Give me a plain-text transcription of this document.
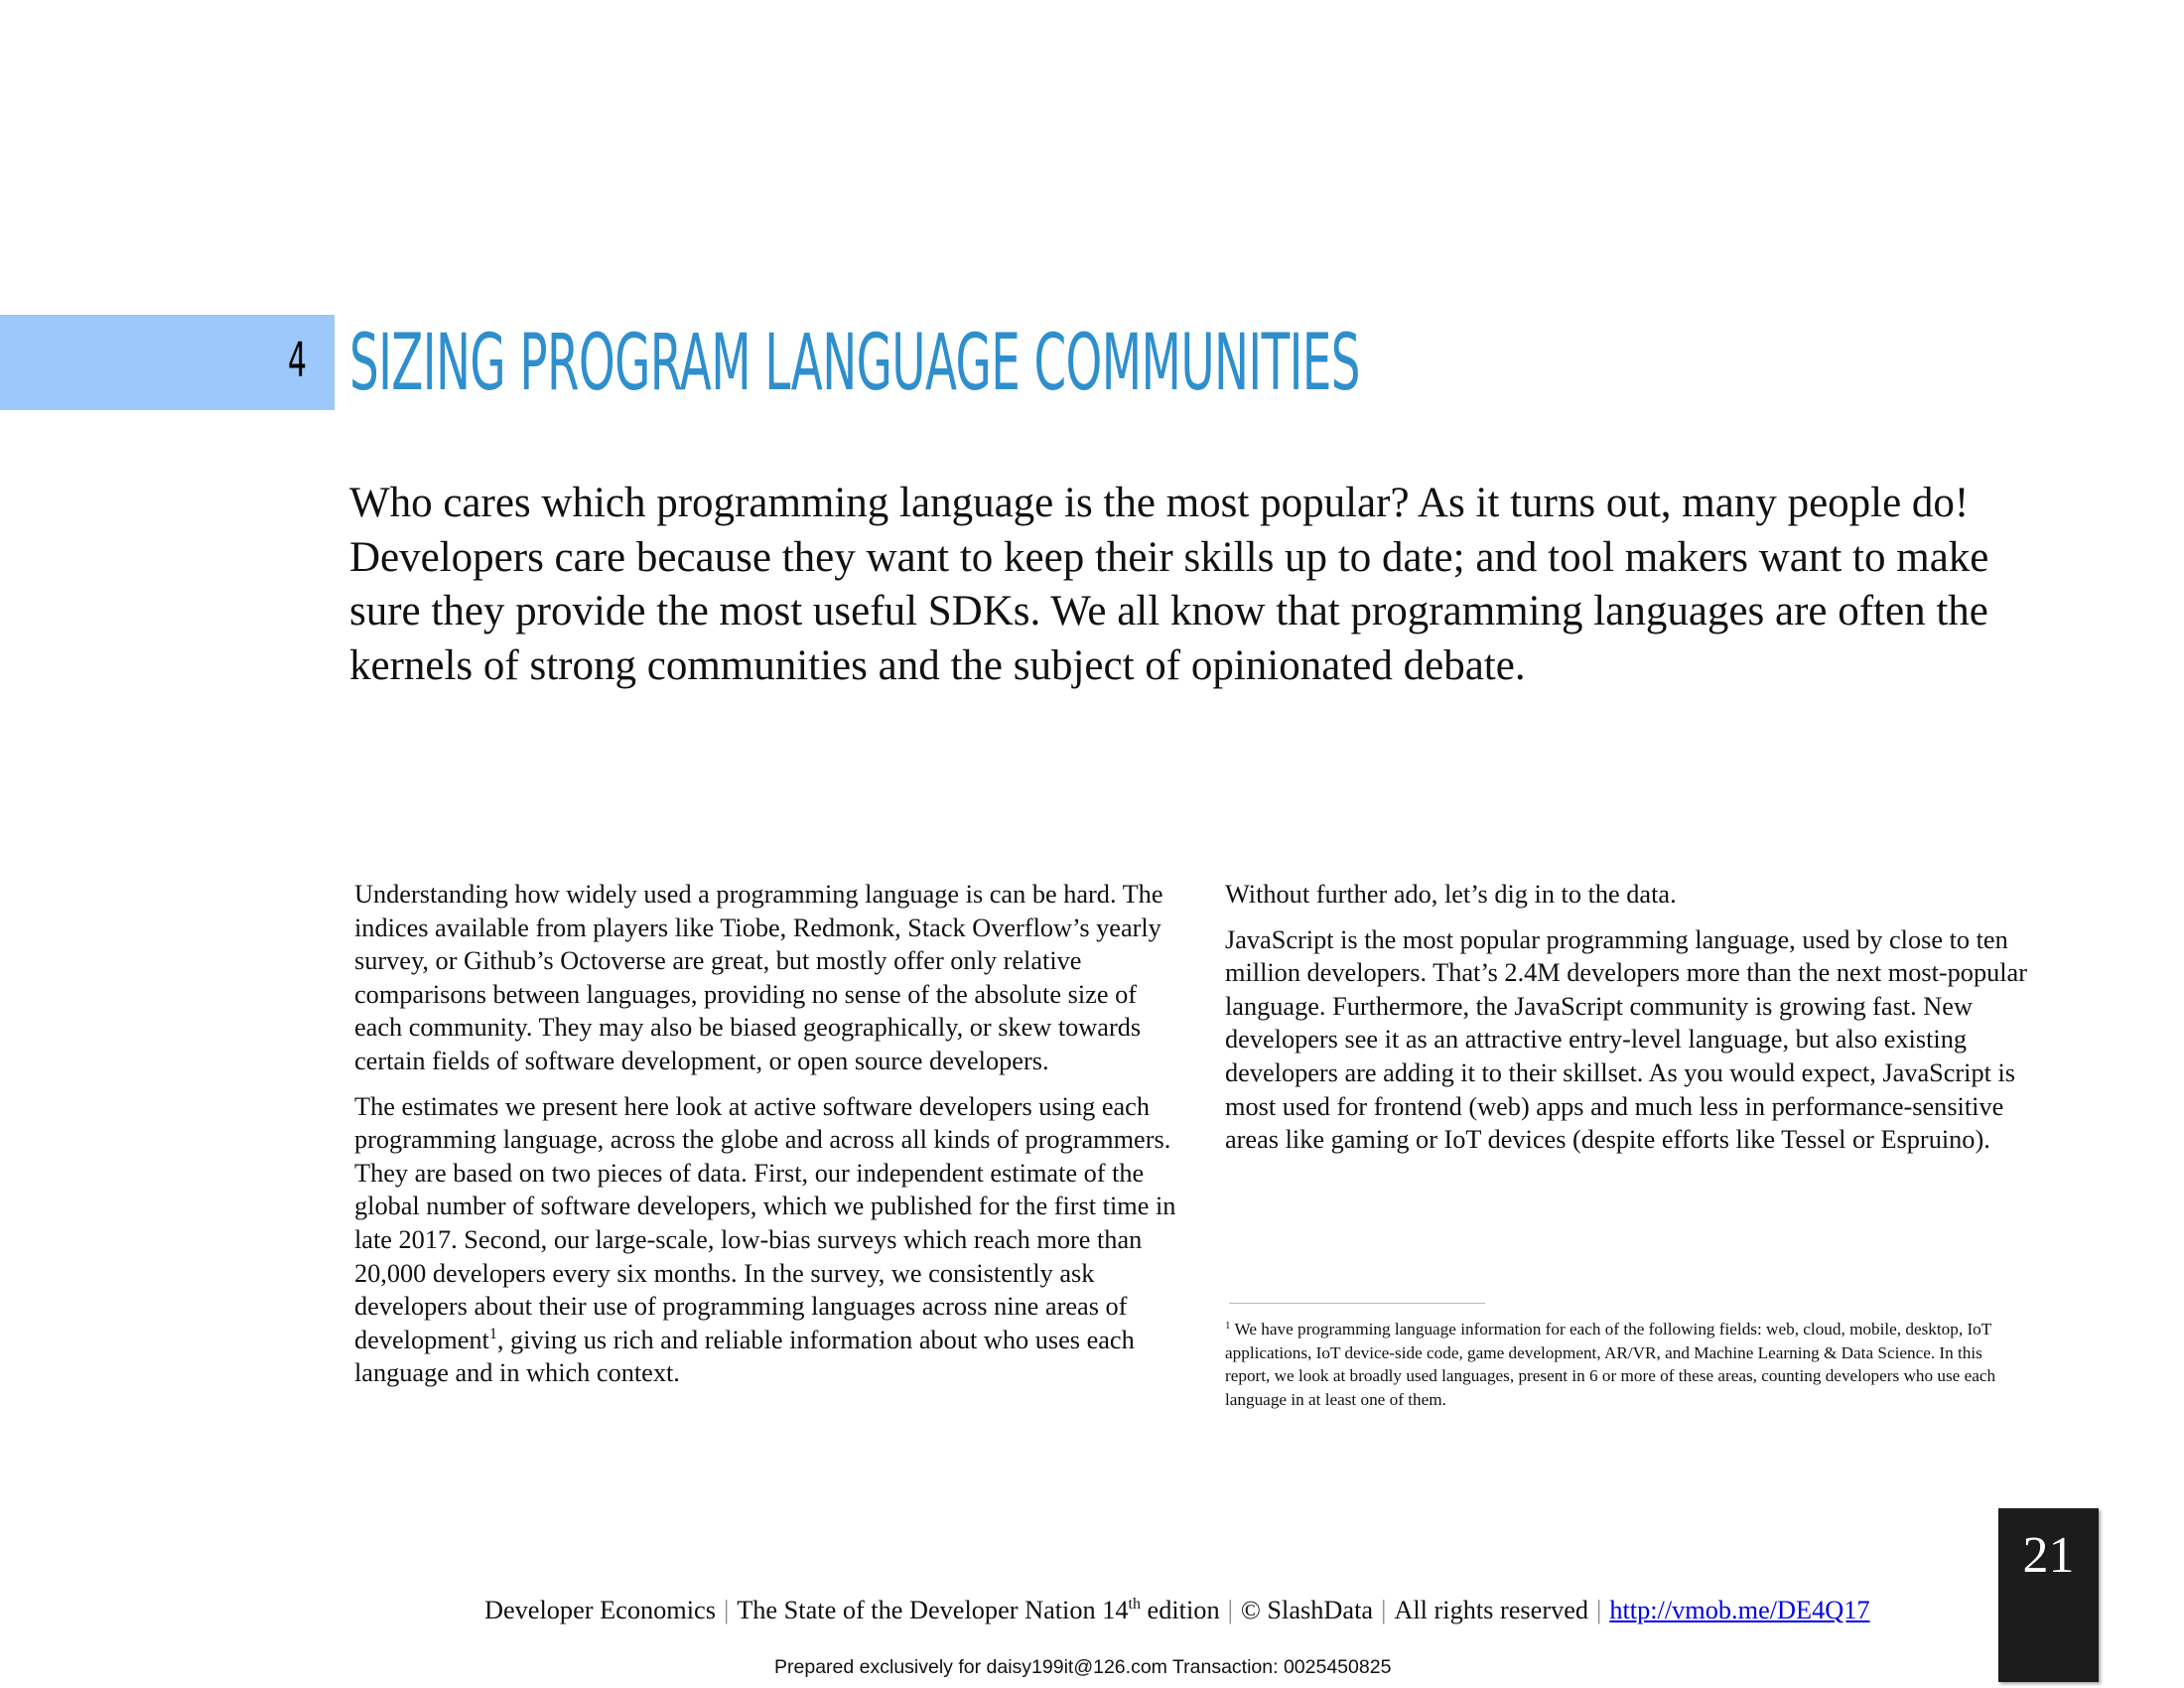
4 SIZING PROGRAM LANGUAGE COMMUNITIES

Who cares which programming language is the most popular? As it turns out, many people do! Developers care because they want to keep their skills up to date; and tool makers want to make sure they provide the most useful SDKs. We all know that programming languages are often the kernels of strong communities and the subject of opinionated debate.

Understanding how widely used a programming language is can be hard. The indices available from players like Tiobe, Redmonk, Stack Overflow’s yearly survey, or Github’s Octoverse are great, but mostly offer only relative comparisons between languages, providing no sense of the absolute size of each community. They may also be biased geographically, or skew towards certain fields of software development, or open source developers.

The estimates we present here look at active software developers using each programming language, across the globe and across all kinds of programmers. They are based on two pieces of data. First, our independent estimate of the global number of software developers, which we published for the first time in late 2017. Second, our large-scale, low-bias surveys which reach more than 20,000 developers every six months. In the survey, we consistently ask developers about their use of programming languages across nine areas of development$^1$, giving us rich and reliable information about who uses each language and in which context.

Without further ado, let’s dig in to the data.

JavaScript is the most popular programming language, used by close to ten million developers. That’s 2.4M developers more than the next most-popular language. Furthermore, the JavaScript community is growing fast. New developers see it as an attractive entry-level language, but also existing developers are adding it to their skillset. As you would expect, JavaScript is most used for frontend (web) apps and much less in performance-sensitive areas like gaming or IoT devices (despite efforts like Tessel or Espruino).

$^1$ We have programming language information for each of the following fields: web, cloud, mobile, desktop, IoT applications, IoT device-side code, game development, AR/VR, and Machine Learning & Data Science. In this report, we look at broadly used languages, present in 6 or more of these areas, counting developers who use each language in at least one of them.

Developer Economics | The State of the Developer Nation 14th edition | © SlashData | All rights reserved | http://vmob.me/DE4Q17
Prepared exclusively for daisy199it@126.com Transaction: 0025450825
21
